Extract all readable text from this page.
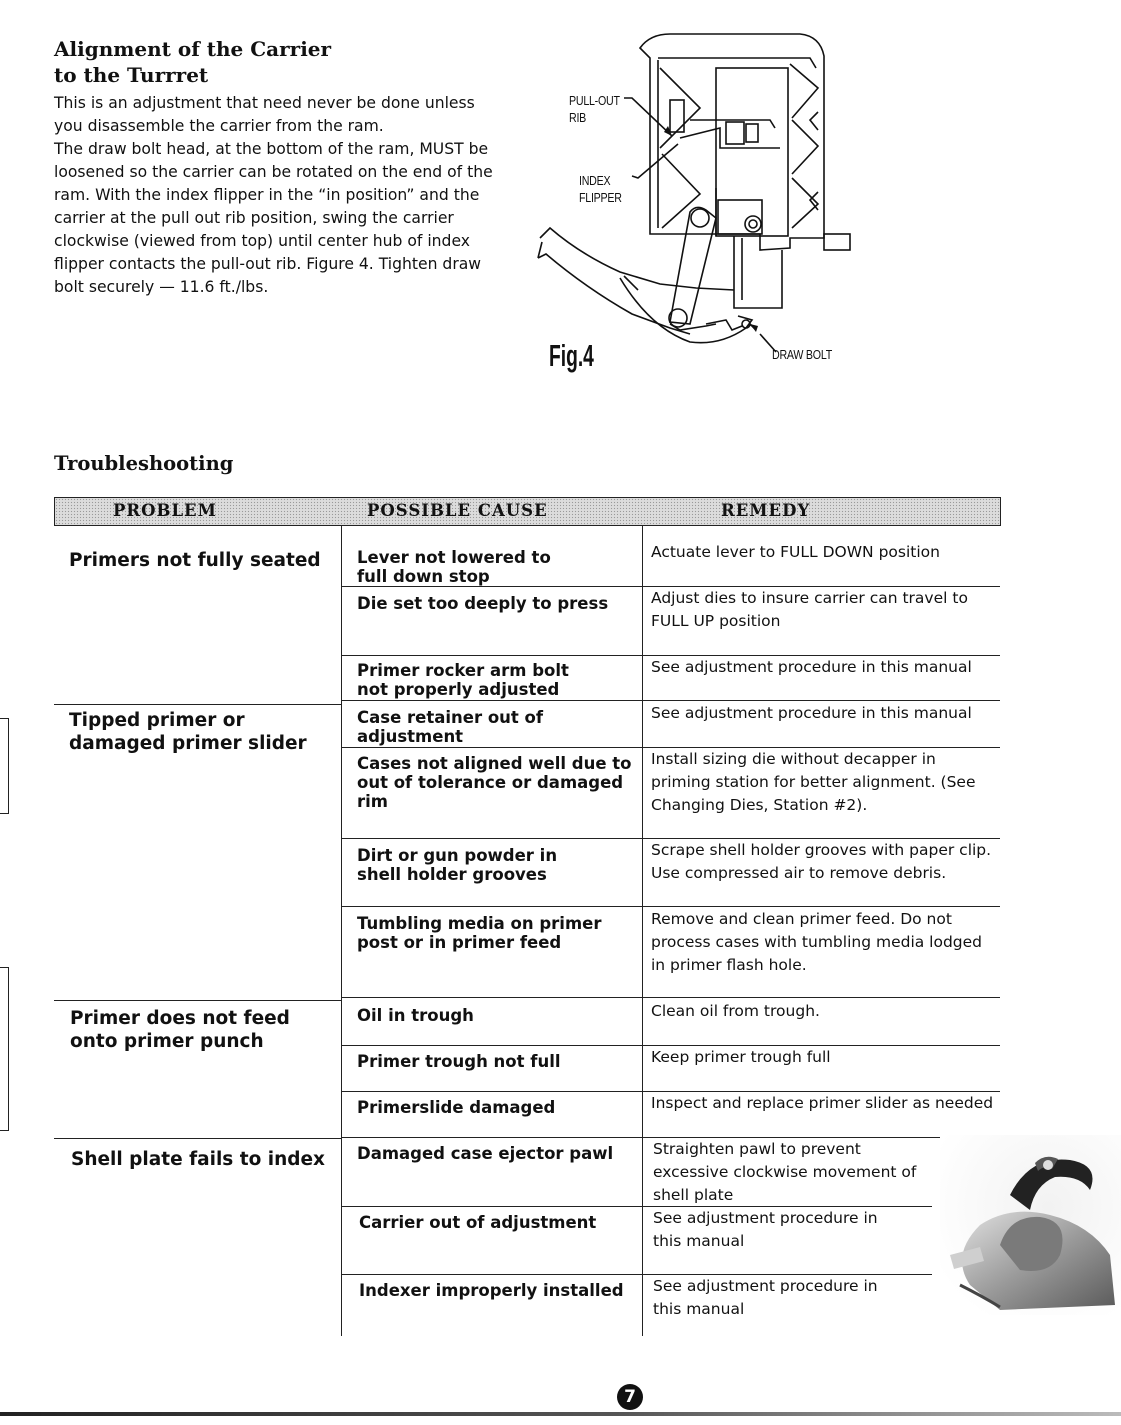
Alignment of the Carrier
to the Turrret

This is an adjustment that need never be done unless you disassemble the carrier from the ram.

The draw bolt head, at the bottom of the ram, MUST be loosened so the carrier can be rotated on the end of the ram. With the index flipper in the “in position” and the carrier at the pull out rib position, swing the carrier clockwise (viewed from top) until center hub of index flipper contacts the pull-out rib. Figure 4. Tighten draw bolt securely — 11.6 ft./lbs.

PULL-OUT
RIB
INDEX
FLIPPER
DRAW BOLT
Fig.4
Troubleshooting
PROBLEM	POSSIBLE CAUSE	REMEDY
Primers not fully seated
Tipped primer or damaged primer slider
Primer does not feed onto primer punch
Shell plate fails to index
Lever not lowered to full down stop
Die set too deeply to press
Primer rocker arm bolt not properly adjusted
Case retainer out of adjustment
Cases not aligned well due to out of tolerance or damaged rim
Dirt or gun powder in shell holder grooves
Tumbling media on primer post or in primer feed
Oil in trough
Primer trough not full
Primerslide damaged
Damaged case ejector pawl
Carrier out of adjustment
Indexer improperly installed
Actuate lever to FULL DOWN position
Adjust dies to insure carrier can travel to FULL UP position
See adjustment procedure in this manual
See adjustment procedure in this manual
Install sizing die without decapper in priming station for better alignment. (See Changing Dies, Station #2).
Scrape shell holder grooves with paper clip. Use compressed air to remove debris.
Remove and clean primer feed. Do not process cases with tumbling media lodged in primer flash hole.
Clean oil from trough.
Keep primer trough full
Inspect and replace primer slider as needed
Straighten pawl to prevent excessive clockwise movement of shell plate
See adjustment procedure in this manual
See adjustment procedure in this manual
7
